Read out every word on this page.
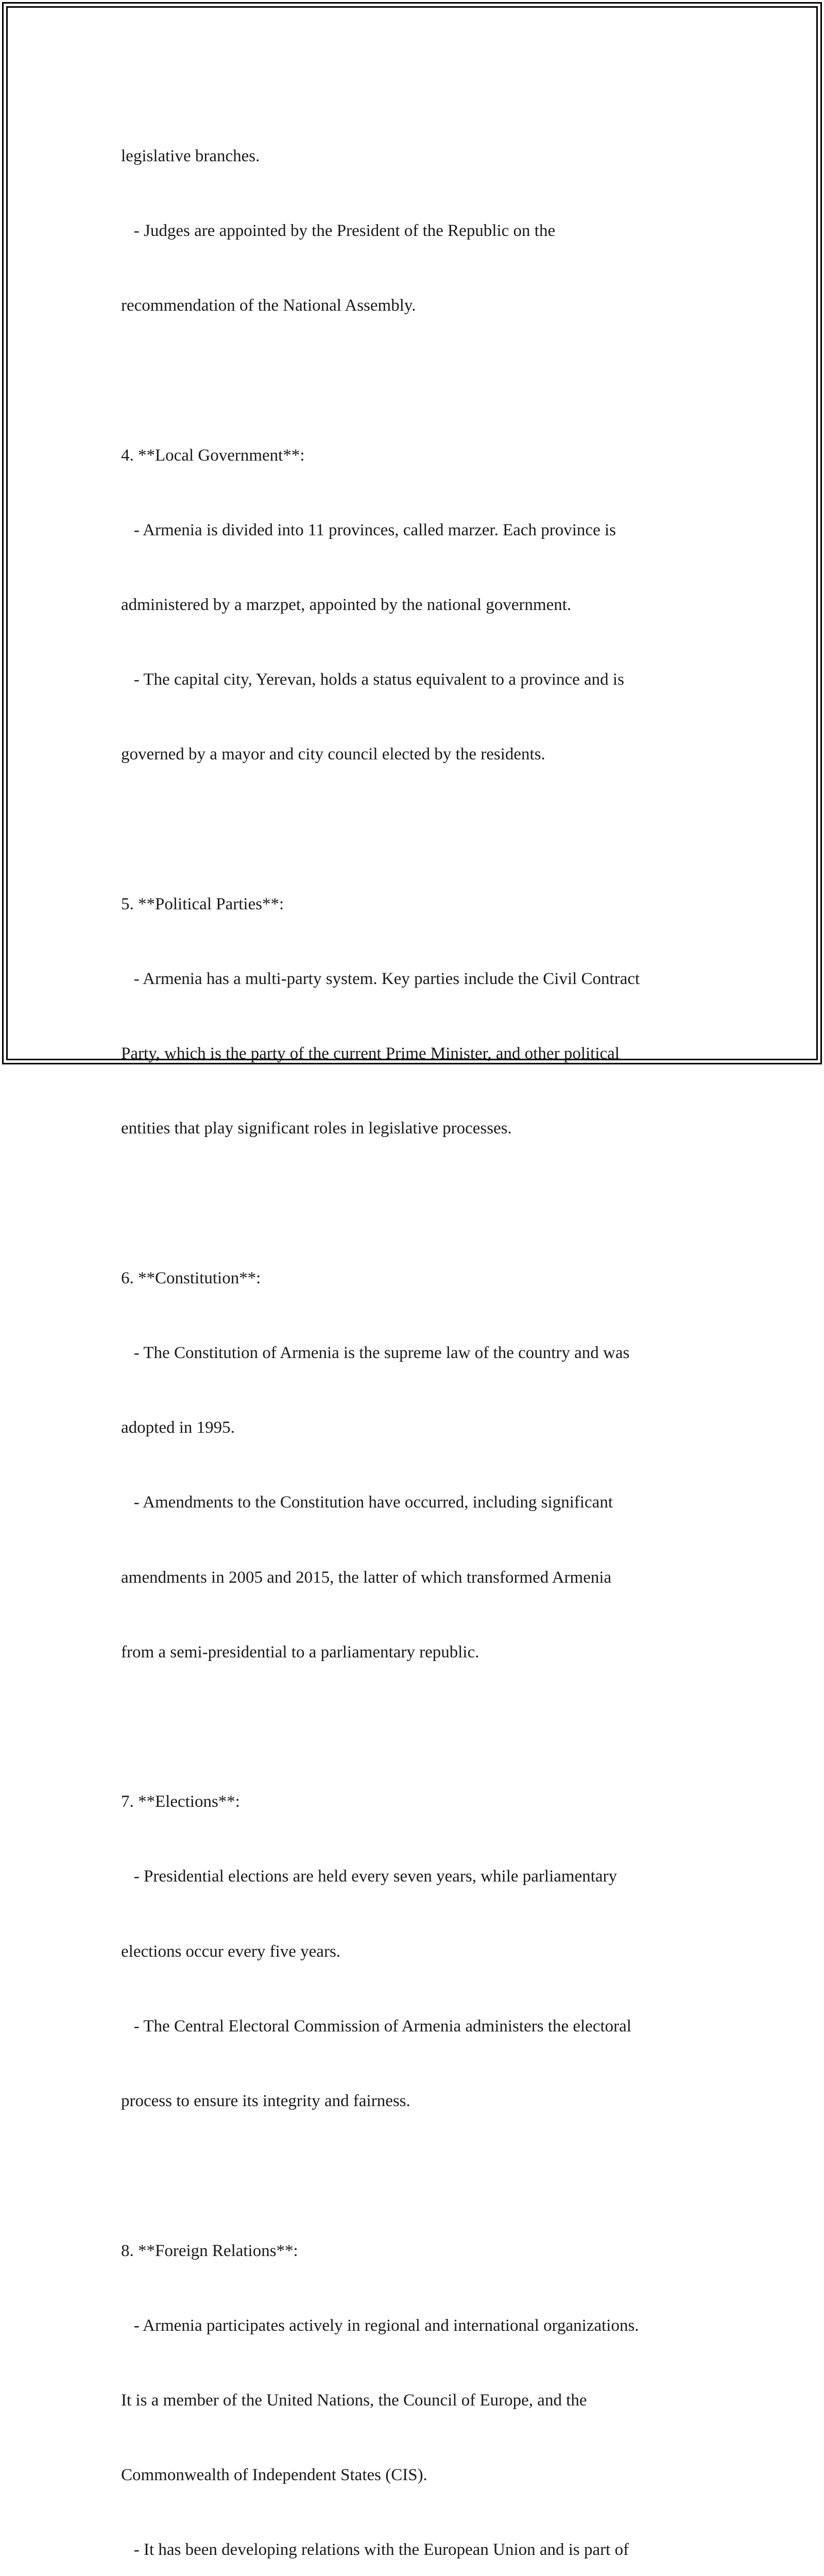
legislative branches.

- Judges are appointed by the President of the Republic on the

recommendation of the National Assembly.

4. **Local Government**:

- Armenia is divided into 11 provinces, called marzer. Each province is

administered by a marzpet, appointed by the national government.

- The capital city, Yerevan, holds a status equivalent to a province and is

governed by a mayor and city council elected by the residents.

5. **Political Parties**:

- Armenia has a multi-party system. Key parties include the Civil Contract

Party, which is the party of the current Prime Minister, and other political

entities that play significant roles in legislative processes.

6. **Constitution**:

- The Constitution of Armenia is the supreme law of the country and was

adopted in 1995.

- Amendments to the Constitution have occurred, including significant

amendments in 2005 and 2015, the latter of which transformed Armenia

from a semi-presidential to a parliamentary republic.

7. **Elections**:

- Presidential elections are held every seven years, while parliamentary

elections occur every five years.

- The Central Electoral Commission of Armenia administers the electoral

process to ensure its integrity and fairness.

8. **Foreign Relations**:

- Armenia participates actively in regional and international organizations.

It is a member of the United Nations, the Council of Europe, and the

Commonwealth of Independent States (CIS).

- It has been developing relations with the European Union and is part of
